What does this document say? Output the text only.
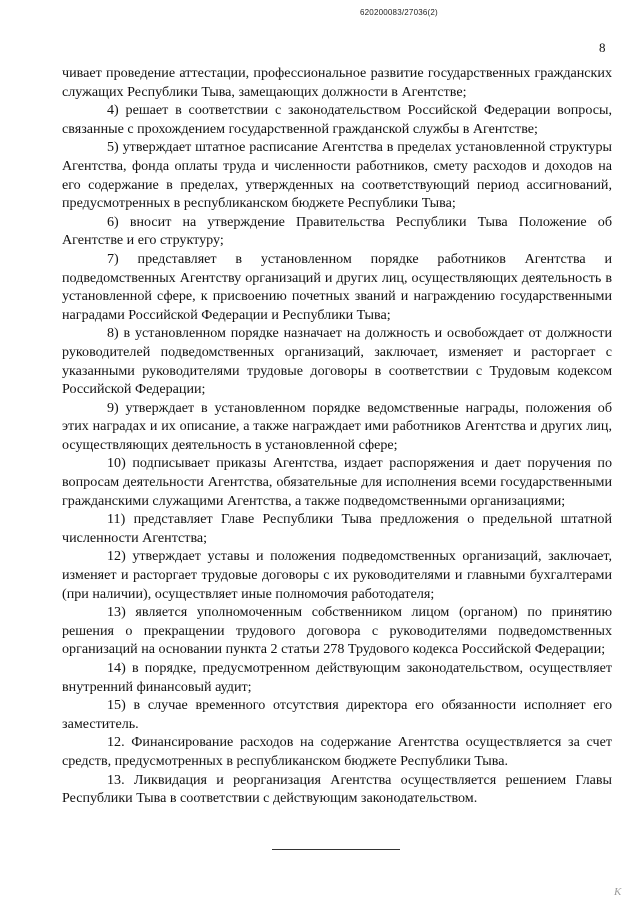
620200083/27036(2)
8

чивает проведение аттестации, профессиональное развитие государственных гражданских служащих Республики Тыва, замещающих должности в Агентстве;

4) решает в соответствии с законодательством Российской Федерации вопросы, связанные с прохождением государственной гражданской службы в Агентстве;

5) утверждает штатное расписание Агентства в пределах установленной структуры Агентства, фонда оплаты труда и численности работников, смету расходов и доходов на его содержание в пределах, утвержденных на соответствующий период ассигнований, предусмотренных в республиканском бюджете Республики Тыва;

6) вносит на утверждение Правительства Республики Тыва Положение об Агентстве и его структуру;

7) представляет в установленном порядке работников Агентства и подведомственных Агентству организаций и других лиц, осуществляющих деятельность в установленной сфере, к присвоению почетных званий и награждению государственными наградами Российской Федерации и Республики Тыва;

8) в установленном порядке назначает на должность и освобождает от должности руководителей подведомственных организаций, заключает, изменяет и расторгает с указанными руководителями трудовые договоры в соответствии с Трудовым кодексом Российской Федерации;

9) утверждает в установленном порядке ведомственные награды, положения об этих наградах и их описание, а также награждает ими работников Агентства и других лиц, осуществляющих деятельность в установленной сфере;

10) подписывает приказы Агентства, издает распоряжения и дает поручения по вопросам деятельности Агентства, обязательные для исполнения всеми государственными гражданскими служащими Агентства, а также подведомственными организациями;

11) представляет Главе Республики Тыва предложения о предельной штатной численности Агентства;

12) утверждает уставы и положения подведомственных организаций, заключает, изменяет и расторгает трудовые договоры с их руководителями и главными бухгалтерами (при наличии), осуществляет иные полномочия работодателя;

13) является уполномоченным собственником лицом (органом) по принятию решения о прекращении трудового договора с руководителями подведомственных организаций на основании пункта 2 статьи 278 Трудового кодекса Российской Федерации;

14) в порядке, предусмотренном действующим законодательством, осуществляет внутренний финансовый аудит;

15) в случае временного отсутствия директора его обязанности исполняет его заместитель.

12. Финансирование расходов на содержание Агентства осуществляется за счет средств, предусмотренных в республиканском бюджете Республики Тыва.

13. Ликвидация и реорганизация Агентства осуществляется решением Главы Республики Тыва в соответствии с действующим законодательством.

К
